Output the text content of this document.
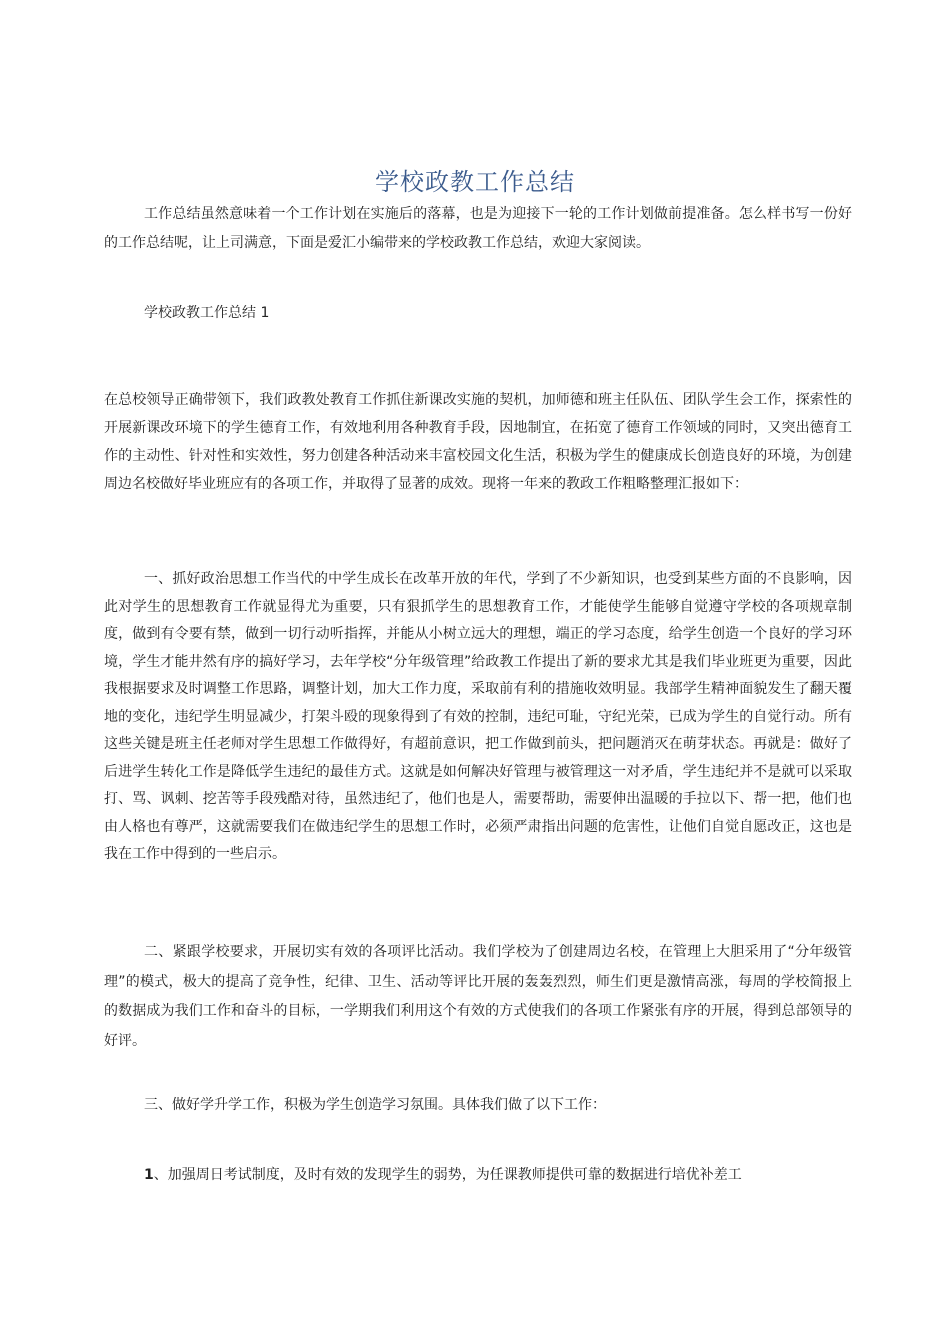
学校政教工作总结

工作总结虽然意味着一个工作计划在实施后的落幕，也是为迎接下一轮的工作计划做前提准备。怎么样书写一份好的工作总结呢，让上司满意，下面是爱汇小编带来的学校政教工作总结，欢迎大家阅读。

学校政教工作总结 1

在总校领导正确带领下，我们政教处教育工作抓住新课改实施的契机，加师德和班主任队伍、团队学生会工作，探索性的开展新课改环境下的学生德育工作，有效地利用各种教育手段，因地制宜，在拓宽了德育工作领域的同时，又突出德育工作的主动性、针对性和实效性，努力创建各种活动来丰富校园文化生活，积极为学生的健康成长创造良好的环境，为创建周边名校做好毕业班应有的各项工作，并取得了显著的成效。现将一年来的教政工作粗略整理汇报如下：

一、抓好政治思想工作当代的中学生成长在改革开放的年代，学到了不少新知识，也受到某些方面的不良影响，因此对学生的思想教育工作就显得尤为重要，只有狠抓学生的思想教育工作，才能使学生能够自觉遵守学校的各项规章制度，做到有令要有禁，做到一切行动听指挥，并能从小树立远大的理想，端正的学习态度，给学生创造一个良好的学习环境，学生才能井然有序的搞好学习，去年学校“分年级管理”给政教工作提出了新的要求尤其是我们毕业班更为重要，因此我根据要求及时调整工作思路，调整计划，加大工作力度，采取前有利的措施收效明显。我部学生精神面貌发生了翻天覆地的变化，违纪学生明显减少，打架斗殴的现象得到了有效的控制，违纪可耻，守纪光荣，已成为学生的自觉行动。所有这些关键是班主任老师对学生思想工作做得好，有超前意识，把工作做到前头，把问题消灭在萌芽状态。再就是：做好了后进学生转化工作是降低学生违纪的最佳方式。这就是如何解决好管理与被管理这一对矛盾，学生违纪并不是就可以采取打、骂、讽刺、挖苦等手段残酷对待，虽然违纪了，他们也是人，需要帮助，需要伸出温暖的手拉以下、帮一把，他们也由人格也有尊严，这就需要我们在做违纪学生的思想工作时，必须严肃指出问题的危害性，让他们自觉自愿改正，这也是我在工作中得到的一些启示。

二、紧跟学校要求，开展切实有效的各项评比活动。我们学校为了创建周边名校，在管理上大胆采用了“分年级管理”的模式，极大的提高了竞争性，纪律、卫生、活动等评比开展的轰轰烈烈，师生们更是激情高涨，每周的学校简报上的数据成为我们工作和奋斗的目标，一学期我们利用这个有效的方式使我们的各项工作紧张有序的开展，得到总部领导的好评。

三、做好学升学工作，积极为学生创造学习氛围。具体我们做了以下工作：

1、加强周日考试制度，及时有效的发现学生的弱势，为任课教师提供可靠的数据进行培优补差工
